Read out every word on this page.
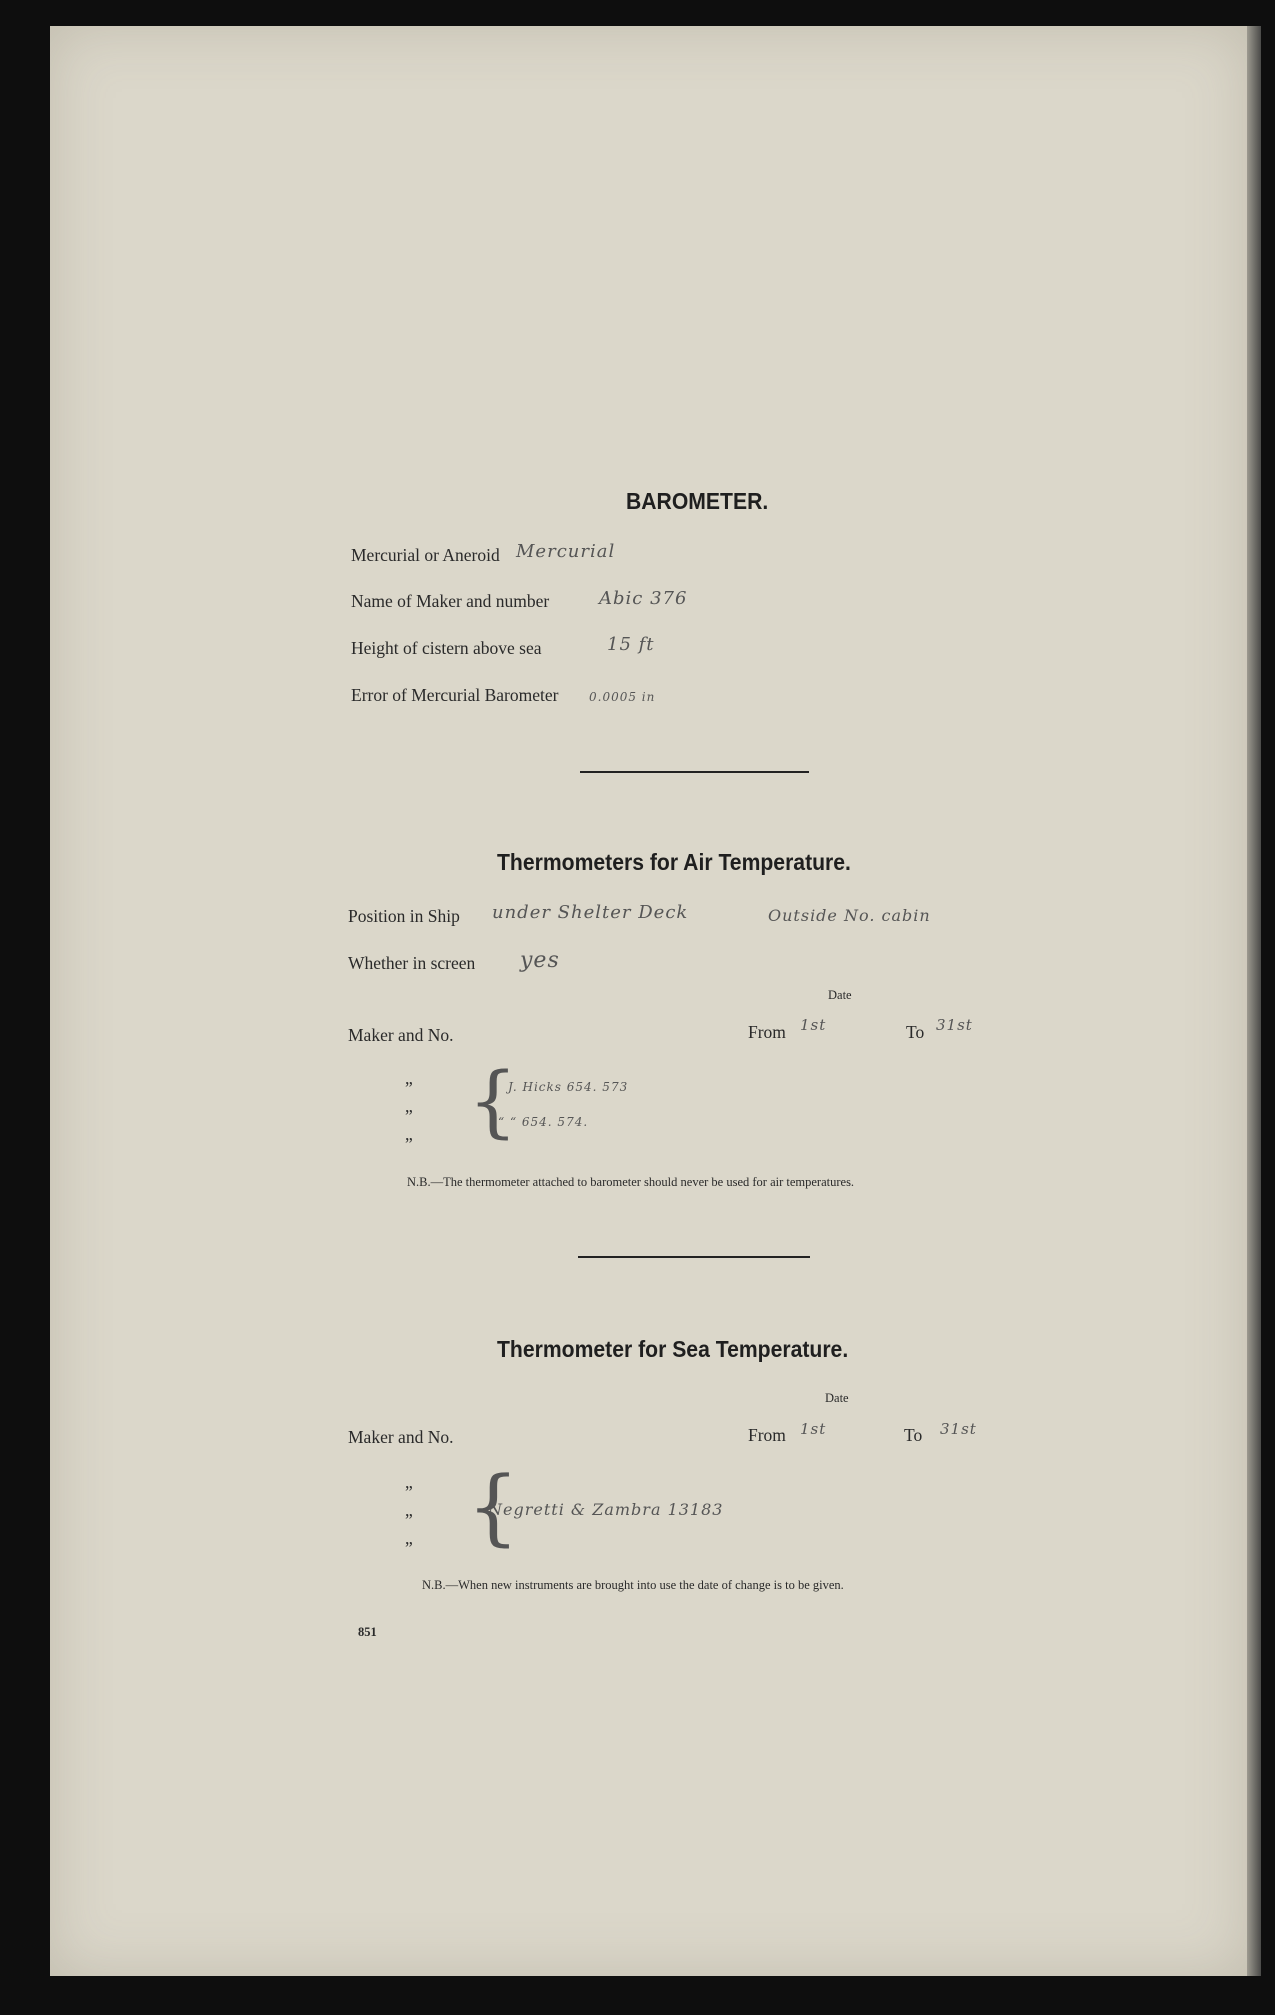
BAROMETER.
Mercurial or Aneroid Mercurial
Name of Maker and number	Abic 376
Height of cistern above sea	15 ft
Error of Mercurial Barometer	0.0005 in
Thermometers for Air Temperature.
Position in Ship under Shelter Deck	Outside No. cabin
Whether in screen yes
Date
Maker and No.	From 1st	To 31st
”
”
” {
J. Hicks 654. 573
“ “ 654. 574.
N.B.—The thermometer attached to barometer should never be used for air temperatures.
Thermometer for Sea Temperature.
Date
Maker and No.	From 1st	To 31st
”
”
” {
Negretti & Zambra 13183
N.B.—When new instruments are brought into use the date of change is to be given.
851
